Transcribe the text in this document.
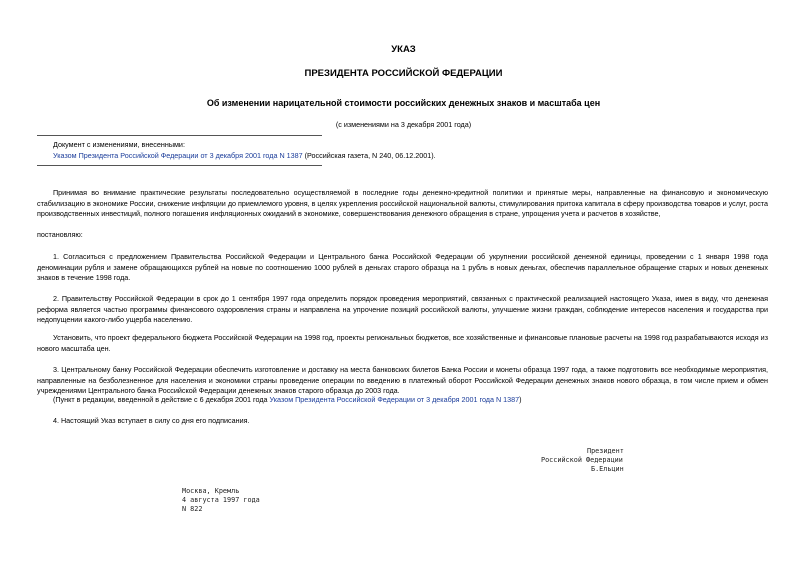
УКАЗ
ПРЕЗИДЕНТА РОССИЙСКОЙ ФЕДЕРАЦИИ
Об изменении нарицательной стоимости российских денежных знаков и масштаба цен
(с изменениями на 3 декабря 2001 года)
Документ с изменениями, внесенными:
Указом Президента Российской Федерации от 3 декабря 2001 года N 1387 (Российская газета, N 240, 06.12.2001).

Принимая во внимание практические результаты последовательно осуществляемой в последние годы денежно-кредитной политики и принятые меры, направленные на финансовую и экономическую стабилизацию в экономике России, снижение инфляции до приемлемого уровня, в целях укрепления российской национальной валюты, стимулирования притока капитала в сферу производства товаров и услуг, роста производственных инвестиций, полного погашения инфляционных ожиданий в экономике, совершенствования денежного обращения в стране, упрощения учета и расчетов в хозяйстве,

постановляю:

1. Согласиться с предложением Правительства Российской Федерации и Центрального банка Российской Федерации об укрупнении российской денежной единицы, проведении с 1 января 1998 года деноминации рубля и замене обращающихся рублей на новые по соотношению 1000 рублей в деньгах старого образца на 1 рубль в новых деньгах, обеспечив параллельное обращение старых и новых денежных знаков в течение 1998 года.

2. Правительству Российской Федерации в срок до 1 сентября 1997 года определить порядок проведения мероприятий, связанных с практической реализацией настоящего Указа, имея в виду, что денежная реформа является частью программы финансового оздоровления страны и направлена на упрочение позиций российской валюты, улучшение жизни граждан, соблюдение интересов населения и государства при недопущении какого-либо ущерба населению.

Установить, что проект федерального бюджета Российской Федерации на 1998 год, проекты региональных бюджетов, все хозяйственные и финансовые плановые расчеты на 1998 год разрабатываются исходя из нового масштаба цен.

3. Центральному банку Российской Федерации обеспечить изготовление и доставку на места банковских билетов Банка России и монеты образца 1997 года, а также подготовить все необходимые мероприятия, направленные на безболезненное для населения и экономики страны проведение операции по введению в платежный оборот Российской Федерации денежных знаков нового образца, в том числе прием и обмен учреждениями Центрального банка Российской Федерации денежных знаков старого образца до 2003 года.

(Пункт в редакции, введенной в действие с 6 декабря 2001 года Указом Президента Российской Федерации от 3 декабря 2001 года N 1387)
4. Настоящий Указ вступает в силу со дня его подписания.
Президент
Российской Федерации
Б.Ельцин
Москва, Кремль
4 августа 1997 года
N 822
